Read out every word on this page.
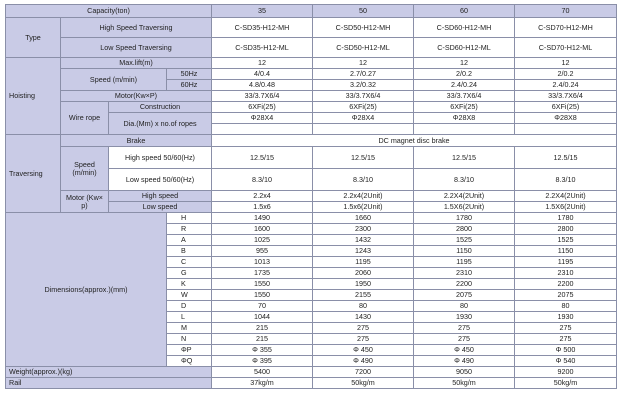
Capacity(ton)				35	50	60	70
Type	High Speed Traversing			C-SD35-H12-MH	C-SD50-H12-MH	C-SD60-H12-MH	C-SD70-H12-MH
	Low Speed Traversing			C-SD35-H12-ML	C-SD50-H12-ML	C-SD60-H12-ML	C-SD70-H12-ML
Hoisting	Max.lift(m)			12	12	12	12
	Speed (m/min)		50Hz	4/0.4	2.7/0.27	2/0.2	2/0.2
			60Hz	4.8/0.48	3.2/0.32	2.4/0.24	2.4/0.24
	Motor(Kw×P)			33/3.7X6/4	33/3.7X6/4	33/3.7X6/4	33/3.7X6/4
	Wire rope	Construction		6XFi(25)	6XFi(25)	6XFi(25)	6XFi(25)
		Dia.(Mm) x no.of ropes		Φ28X4	Φ28X4	Φ28X8	Φ28X8

Traversing	Brake			DC magnet disc brake			
	Speed (m/min)	High speed 50/60(Hz)		12.5/15	12.5/15	12.5/15	12.5/15
		Low speed 50/60(Hz)		8.3/10	8.3/10	8.3/10	8.3/10
	Motor (Kw× p)	High speed		2.2x4	2.2x4(2Unit)	2.2X4(2Unit)	2.2X4(2Unit)
		Low speed		1.5x6	1.5x6(2Unit)	1.5X6(2Unit)	1.5X6(2Unit)
Dimensions(approx.)(mm)			H	1490	1660	1780	1780
			R	1600	2300	2800	2800
			A	1025	1432	1525	1525
			B	955	1243	1150	1150
			C	1013	1195	1195	1195
			G	1735	2060	2310	2310
			K	1550	1950	2200	2200
			W	1550	2155	2075	2075
			D	70	80	80	80
			L	1044	1430	1930	1930
			M	215	275	275	275
			N	215	275	275	275
			ΦP	Φ 355	Φ 450	Φ 450	Φ 500
			ΦQ	Φ 395	Φ 490	Φ 490	Φ 540
Weight(approx.)(kg)				5400	7200	9050	9200
Rail				37kg/m	50kg/m	50kg/m	50kg/m
